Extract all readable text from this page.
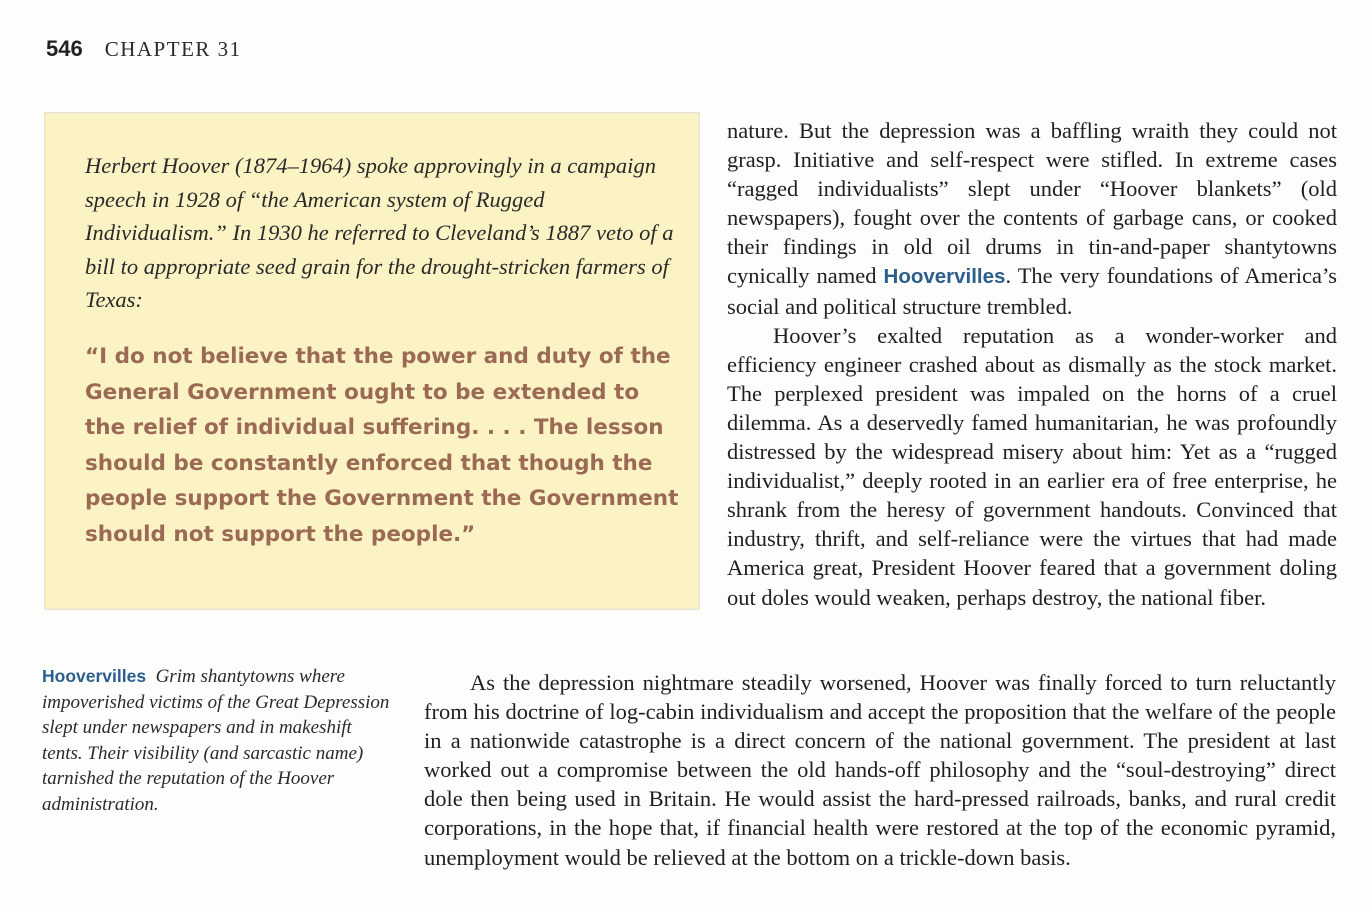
546 CHAPTER 31

Herbert Hoover (1874–1964) spoke approvingly in a campaign speech in 1928 of “the American system of Rugged Individualism.” In 1930 he referred to Cleveland’s 1887 veto of a bill to appropriate seed grain for the drought-stricken farmers of Texas:

“I do not believe that the power and duty of the General Government ought to be extended to the relief of individual suffering. . . . The lesson should be constantly enforced that though the people support the Government the Government should not support the people.”

Hoovervilles Grim shantytowns where impoverished victims of the Great Depression slept under newspapers and in makeshift tents. Their visibility (and sarcastic name) tarnished the reputation of the Hoover administration.

nature. But the depression was a baffling wraith they could not grasp. Initiative and self-respect were stifled. In extreme cases “ragged individualists” slept under “Hoover blankets” (old newspapers), fought over the contents of garbage cans, or cooked their findings in old oil drums in tin-and-paper shantytowns cynically named Hoovervilles. The very foundations of America’s social and political structure trembled.

Hoover’s exalted reputation as a wonder-worker and efficiency engineer crashed about as dismally as the stock market. The perplexed president was impaled on the horns of a cruel dilemma. As a deservedly famed humanitarian, he was profoundly distressed by the widespread misery about him: Yet as a “rugged individualist,” deeply rooted in an earlier era of free enterprise, he shrank from the heresy of government handouts. Convinced that industry, thrift, and self-reliance were the virtues that had made America great, President Hoover feared that a government doling out doles would weaken, perhaps destroy, the national fiber.

As the depression nightmare steadily worsened, Hoover was finally forced to turn reluctantly from his doctrine of log-cabin individualism and accept the proposition that the welfare of the people in a nationwide catastrophe is a direct concern of the national government. The president at last worked out a compromise between the old hands-off philosophy and the “soul-destroying” direct dole then being used in Britain. He would assist the hard-pressed railroads, banks, and rural credit corporations, in the hope that, if financial health were restored at the top of the economic pyramid, unemployment would be relieved at the bottom on a trickle-down basis.
